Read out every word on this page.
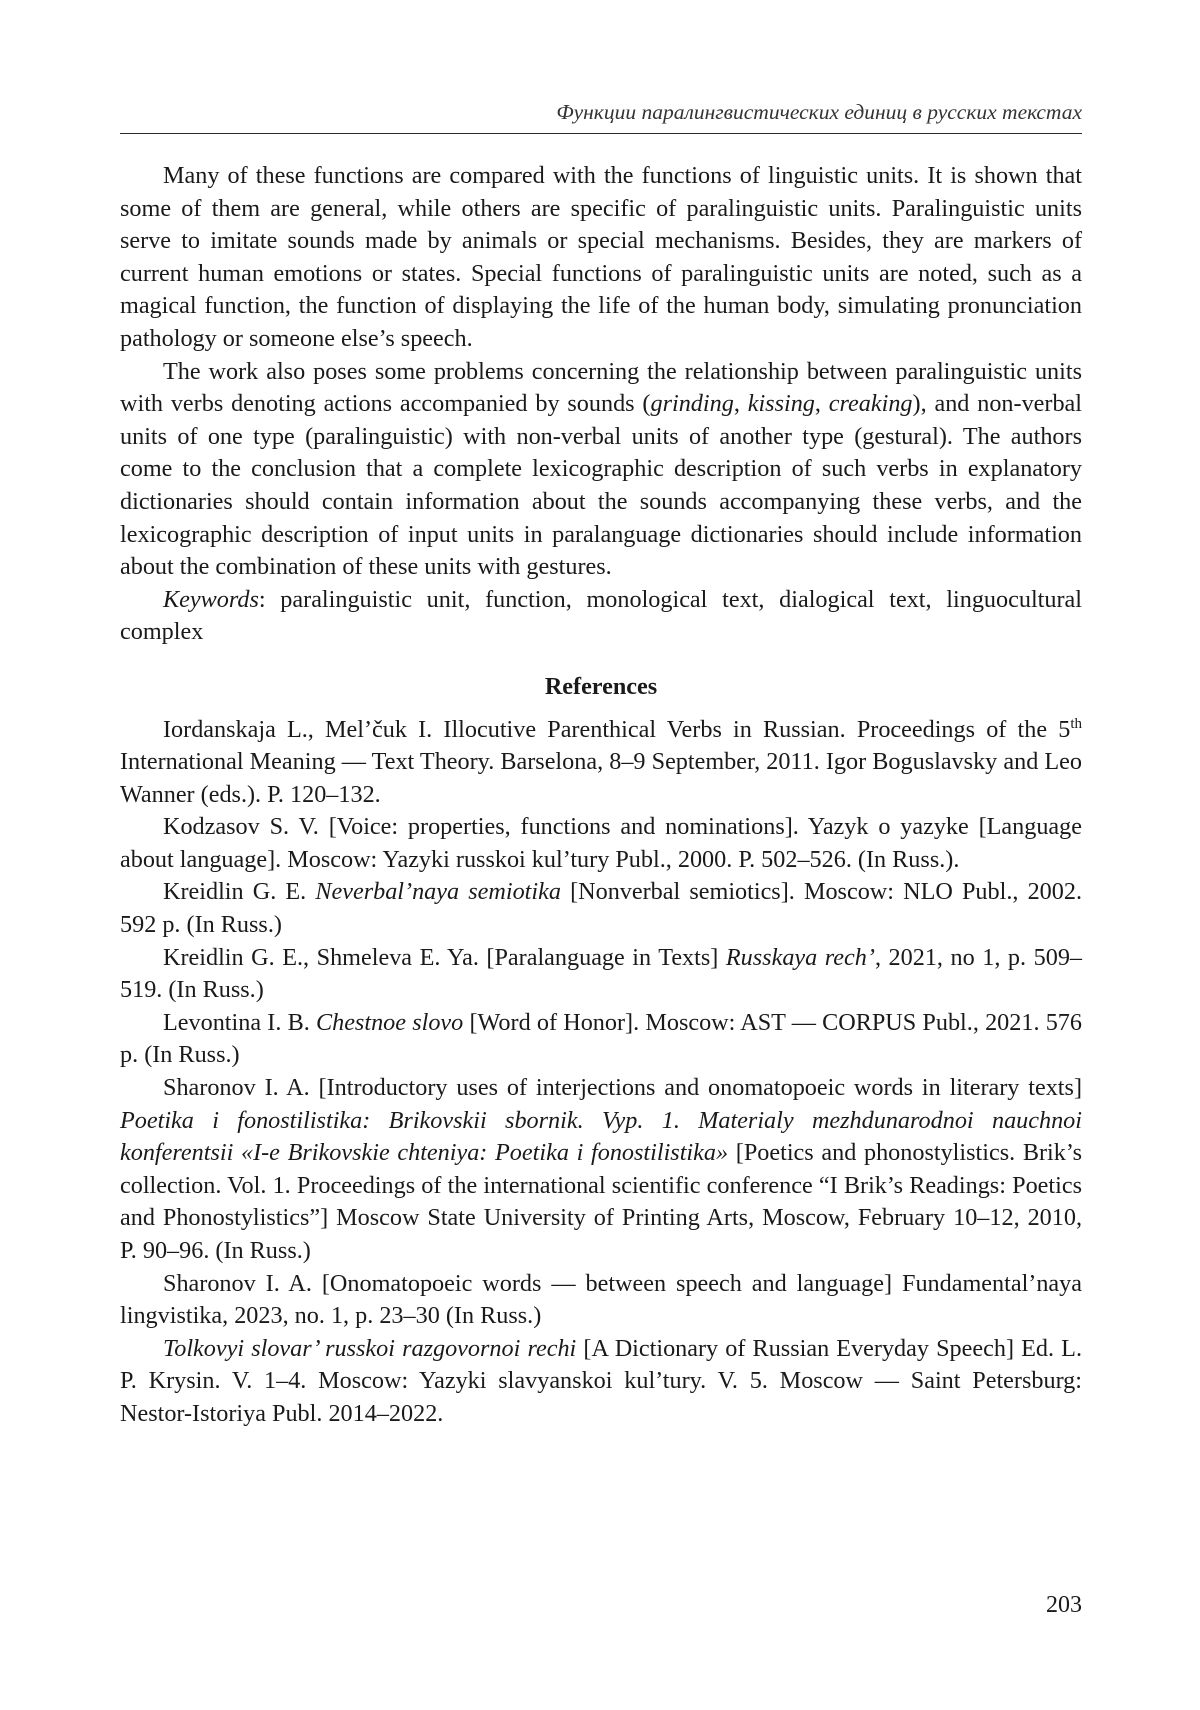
Функции паралингвистических единиц в русских текстах

Many of these functions are compared with the functions of linguistic units. It is shown that some of them are general, while others are specific of paralinguistic units. Paralinguistic units serve to imitate sounds made by animals or special mechanisms. Besides, they are markers of current human emotions or states. Special functions of paralinguistic units are noted, such as a magical function, the function of displaying the life of the human body, simulating pronunciation pathology or someone else’s speech.

The work also poses some problems concerning the relationship between paralinguistic units with verbs denoting actions accompanied by sounds (grinding, kissing, creaking), and non-verbal units of one type (paralinguistic) with non-verbal units of another type (gestural). The authors come to the conclusion that a complete lexicographic description of such verbs in explanatory dictionaries should contain information about the sounds accompanying these verbs, and the lexicographic description of input units in paralanguage dictionaries should include information about the combination of these units with gestures.

Keywords: paralinguistic unit, function, monological text, dialogical text, linguocultural complex

References

Iordanskaja L., Mel’čuk I. Illocutive Parenthical Verbs in Russian. Proceedings of the 5th International Meaning — Text Theory. Barselona, 8–9 September, 2011. Igor Boguslavsky and Leo Wanner (eds.). P. 120–132.

Kodzasov S. V. [Voice: properties, functions and nominations]. Yazyk o yazyke [Language about language]. Moscow: Yazyki russkoi kul’tury Publ., 2000. P. 502–526. (In Russ.).

Kreidlin G. E. Neverbal’naya semiotika [Nonverbal semiotics]. Moscow: NLO Publ., 2002. 592 p. (In Russ.)

Kreidlin G. E., Shmeleva E. Ya. [Paralanguage in Texts] Russkaya rech’, 2021, no 1, p. 509–519. (In Russ.)

Levontina I. B. Chestnoe slovo [Word of Honor]. Moscow: AST — CORPUS Publ., 2021. 576 p. (In Russ.)

Sharonov I. A. [Introductory uses of interjections and onomatopoeic words in literary texts] Poetika i fonostilistika: Brikovskii sbornik. Vyp. 1. Materialy mezhdunarodnoi nauchnoi konferentsii «I-e Brikovskie chteniya: Poetika i fonostilistika» [Poetics and phonostylistics. Brik’s collection. Vol. 1. Proceedings of the international scientific conference “I Brik’s Readings: Poetics and Phonostylistics”] Moscow State University of Printing Arts, Moscow, February 10–12, 2010, P. 90–96. (In Russ.)

Sharonov I. A. [Onomatopoeic words — between speech and language] Fundamental’naya lingvistika, 2023, no. 1, p. 23–30 (In Russ.)

Tolkovyi slovar’ russkoi razgovornoi rechi [A Dictionary of Russian Everyday Speech] Ed. L. P. Krysin. V. 1–4. Moscow: Yazyki slavyanskoi kul’tury. V. 5. Moscow — Saint Petersburg: Nestor-Istoriya Publ. 2014–2022.

203
